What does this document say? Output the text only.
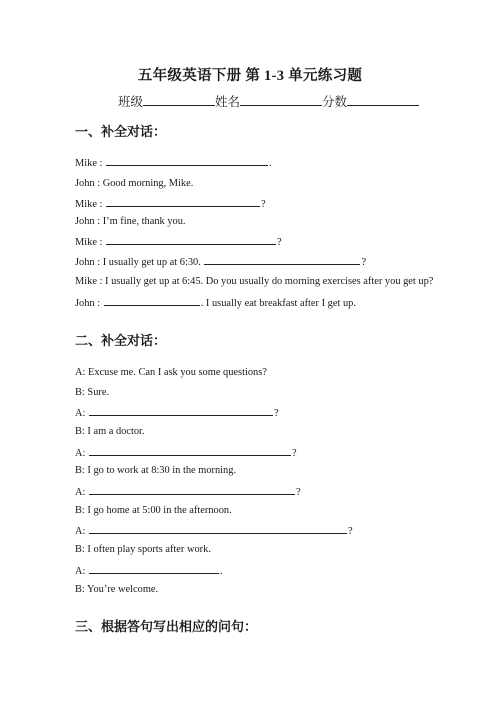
五年级英语下册 第 1-3 单元练习题
班级	姓名	分数
一、补全对话：
Mike :	.
John : Good morning, Mike.
Mike :	?
John : I’m fine, thank you.
Mike :	?
John : I usually get up at 6:30.	?
Mike : I usually get up at 6:45. Do you usually do morning exercises after you get up?
John :	. I usually eat breakfast after I get up.
二、补全对话：
A: Excuse me. Can I ask you some questions?
B: Sure.
A:	?
B: I am a doctor.
A:	?
B: I go to work at 8:30 in the morning.
A:	?
B: I go home at 5:00 in the afternoon.
A:	?
B: I often play sports after work.
A:	.
B: You’re welcome.
三、根据答句写出相应的问句：
